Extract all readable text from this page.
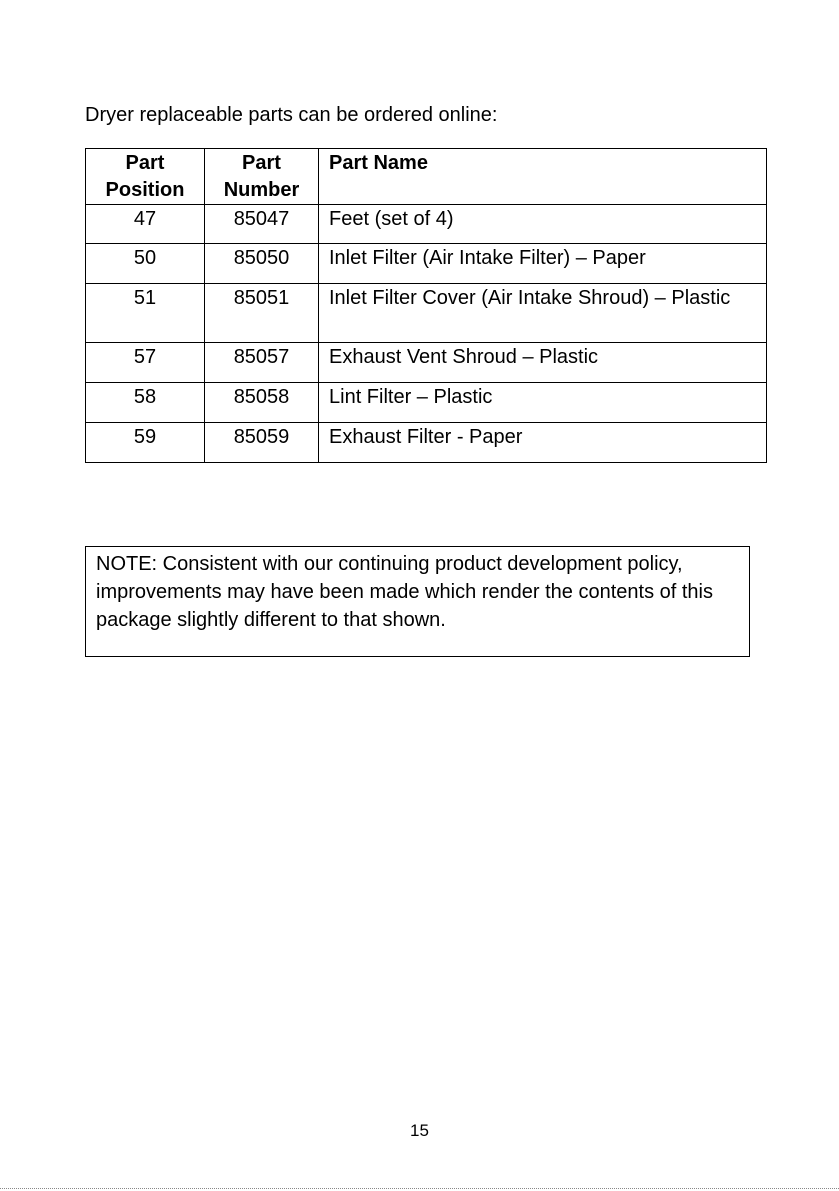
Dryer replaceable parts can be ordered online:
Part Position	Part Number	Part Name
47	85047	Feet (set of 4)
50	85050	Inlet Filter (Air Intake Filter) – Paper
51	85051	Inlet Filter Cover (Air Intake Shroud) – Plastic
57	85057	Exhaust Vent Shroud – Plastic
58	85058	Lint Filter – Plastic
59	85059	Exhaust Filter - Paper
NOTE: Consistent with our continuing product development policy, improvements may have been made which render the contents of this package slightly different to that shown.
15
